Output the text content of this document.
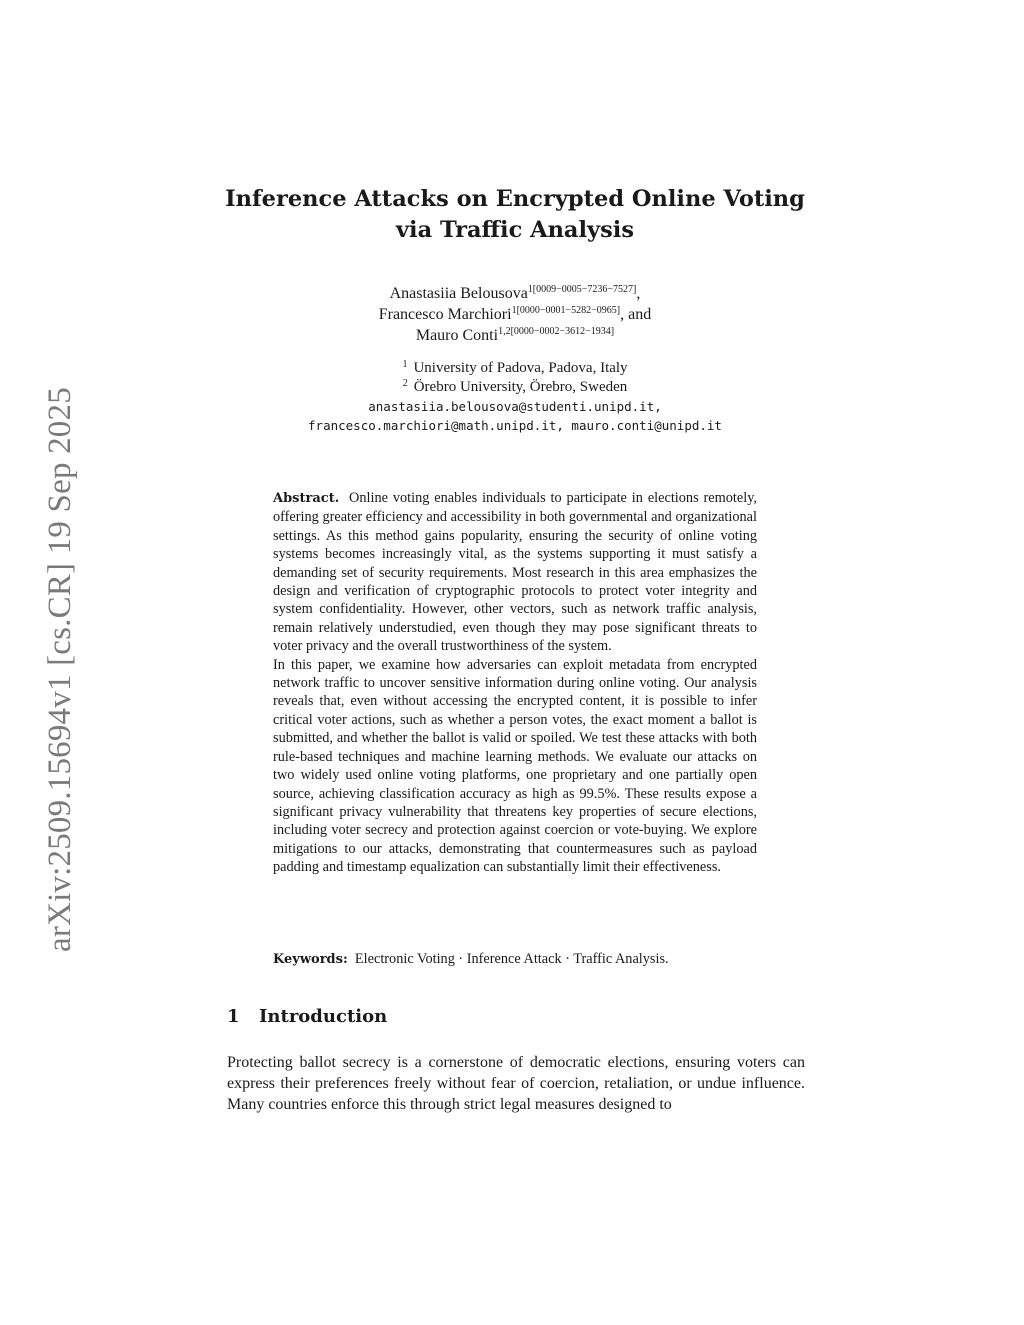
arXiv:2509.15694v1 [cs.CR] 19 Sep 2025
Inference Attacks on Encrypted Online Voting
via Traffic Analysis
Anastasiia Belousova$^{1[0009-0005-7236-7527]}$,
Francesco Marchiori$^{1[0000-0001-5282-0965]}$, and
Mauro Conti$^{1,2[0000-0002-3612-1934]}$
$^1$ University of Padova, Padova, Italy
$^2$ Örebro University, Örebro, Sweden
anastasiia.belousova@studenti.unipd.it,
francesco.marchiori@math.unipd.it, mauro.conti@unipd.it

Abstract. Online voting enables individuals to participate in elections remotely, offering greater efficiency and accessibility in both governmental and organizational settings. As this method gains popularity, ensuring the security of online voting systems becomes increasingly vital, as the systems supporting it must satisfy a demanding set of security requirements. Most research in this area emphasizes the design and verification of cryptographic protocols to protect voter integrity and system confidentiality. However, other vectors, such as network traffic analysis, remain relatively understudied, even though they may pose significant threats to voter privacy and the overall trustworthiness of the system.

In this paper, we examine how adversaries can exploit metadata from encrypted network traffic to uncover sensitive information during online voting. Our analysis reveals that, even without accessing the encrypted content, it is possible to infer critical voter actions, such as whether a person votes, the exact moment a ballot is submitted, and whether the ballot is valid or spoiled. We test these attacks with both rule-based techniques and machine learning methods. We evaluate our attacks on two widely used online voting platforms, one proprietary and one partially open source, achieving classification accuracy as high as 99.5%. These results expose a significant privacy vulnerability that threatens key properties of secure elections, including voter secrecy and protection against coercion or vote-buying. We explore mitigations to our attacks, demonstrating that countermeasures such as payload padding and timestamp equalization can substantially limit their effectiveness.

Keywords: Electronic Voting · Inference Attack · Traffic Analysis.
1 Introduction

Protecting ballot secrecy is a cornerstone of democratic elections, ensuring voters can express their preferences freely without fear of coercion, retaliation, or undue influence. Many countries enforce this through strict legal measures designed to
